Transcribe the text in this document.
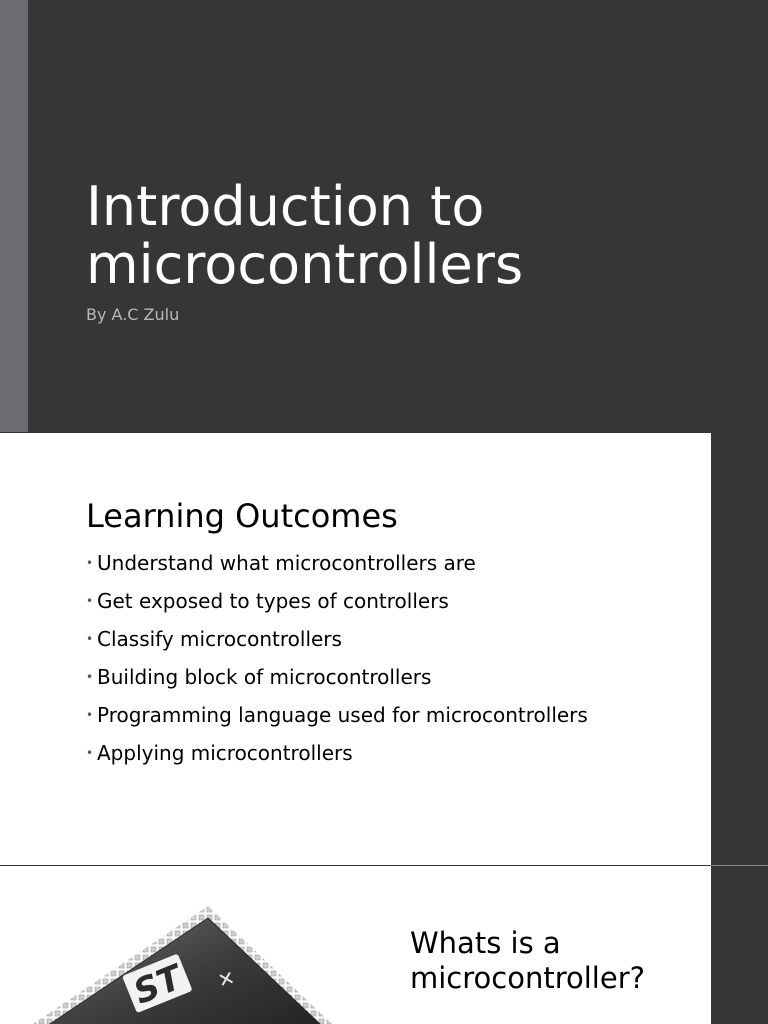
Introduction to microcontrollers

By A.C Zulu

Learning Outcomes
• Understand what microcontrollers are
• Get exposed to types of controllers
• Classify microcontrollers
• Building block of microcontrollers
• Programming language used for microcontrollers
• Applying microcontrollers
ST ✕
Whats is a microcontroller?
